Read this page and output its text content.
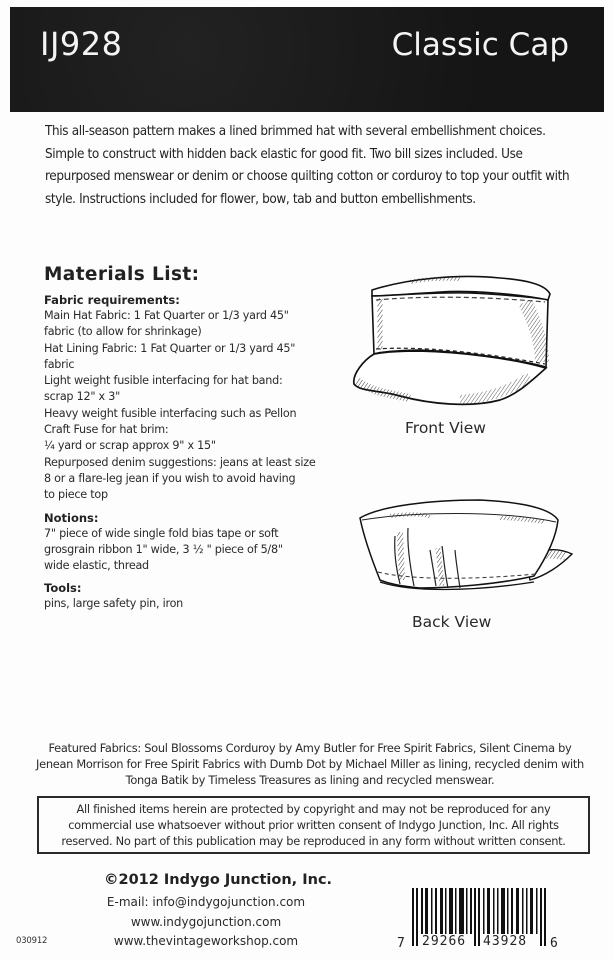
IJ928	Classic Cap

This all-season pattern makes a lined brimmed hat with several embellishment choices. Simple to construct with hidden back elastic for good fit. Two bill sizes included. Use repurposed menswear or denim or choose quilting cotton or corduroy to top your outfit with style. Instructions included for flower, bow, tab and button embellishments.

Materials List:
Fabric requirements:
Main Hat Fabric: 1 Fat Quarter or 1/3 yard 45"
fabric (to allow for shrinkage)
Hat Lining Fabric: 1 Fat Quarter or 1/3 yard 45"
fabric
Light weight fusible interfacing for hat band:
scrap 12" x 3"
Heavy weight fusible interfacing such as Pellon
Craft Fuse for hat brim:
¼ yard or scrap approx 9" x 15"
Repurposed denim suggestions: jeans at least size
8 or a flare-leg jean if you wish to avoid having
to piece top
Notions:
7" piece of wide single fold bias tape or soft
grosgrain ribbon 1" wide, 3 ½ " piece of 5/8"
wide elastic, thread
Tools:
pins, large safety pin, iron
Front View
Back View

Featured Fabrics: Soul Blossoms Corduroy by Amy Butler for Free Spirit Fabrics, Silent Cinema by Jenean Morrison for Free Spirit Fabrics with Dumb Dot by Michael Miller as lining, recycled denim with Tonga Batik by Timeless Treasures as lining and recycled menswear.

All finished items herein are protected by copyright and may not be reproduced for any commercial use whatsoever without prior written consent of Indygo Junction, Inc. All rights reserved. No part of this publication may be reproduced in any form without written consent.
©2012 Indygo Junction, Inc.
E-mail: info@indygojunction.com
www.indygojunction.com
www.thevintageworkshop.com
030912	7 29266 43928 6
